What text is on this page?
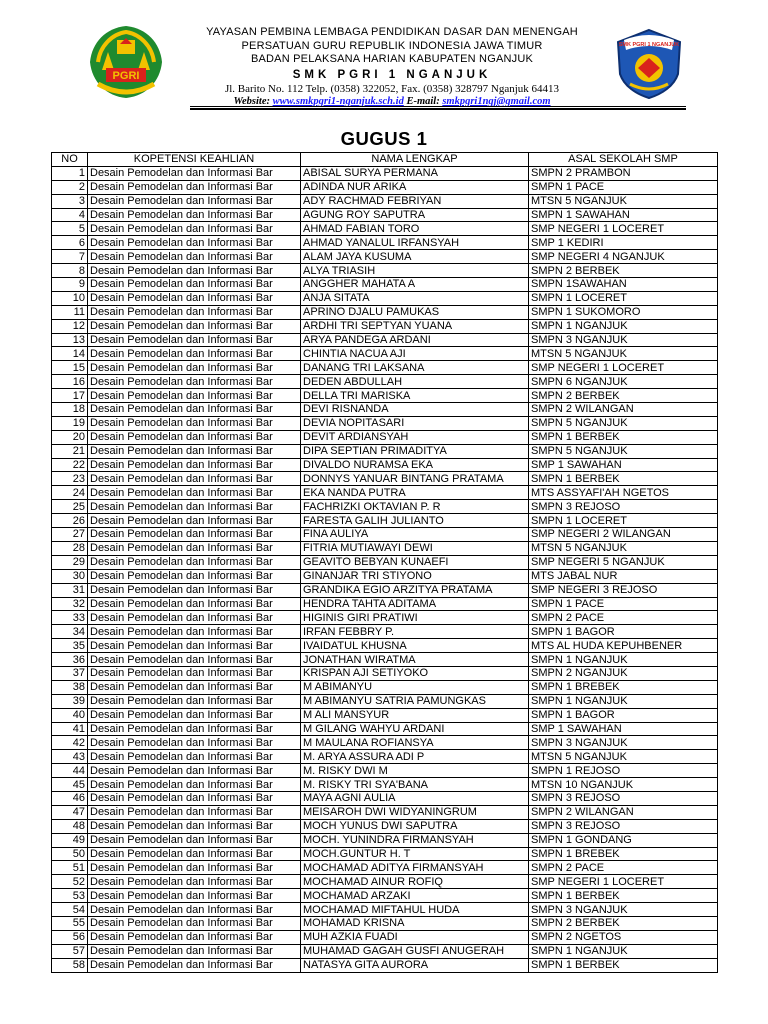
PGRI
YAYASAN PEMBINA LEMBAGA PENDIDIKAN DASAR DAN MENENGAH
PERSATUAN GURU REPUBLIK INDONESIA JAWA TIMUR
BADAN PELAKSANA HARIAN KABUPATEN NGANJUK
SMK PGRI 1 NGANJUK
Jl. Barito No. 112 Telp. (0358) 322052, Fax. (0358) 328797 Nganjuk 64413
Website: www.smkpgri1-nganjuk.sch.id E-mail: smkpgri1ngj@gmail.com
SMK PGRI 1 NGANJUK
GUGUS 1
NO	KOPETENSI KEAHLIAN	NAMA LENGKAP	ASAL SEKOLAH SMP
1	Desain Pemodelan dan Informasi Bar	ABISAL SURYA PERMANA	SMPN 2 PRAMBON
2	Desain Pemodelan dan Informasi Bar	ADINDA NUR ARIKA	SMPN 1 PACE
3	Desain Pemodelan dan Informasi Bar	ADY RACHMAD FEBRIYAN	MTSN 5 NGANJUK
4	Desain Pemodelan dan Informasi Bar	AGUNG ROY SAPUTRA	SMPN 1 SAWAHAN
5	Desain Pemodelan dan Informasi Bar	AHMAD FABIAN TORO	SMP NEGERI 1 LOCERET
6	Desain Pemodelan dan Informasi Bar	AHMAD YANALUL IRFANSYAH	SMP 1 KEDIRI
7	Desain Pemodelan dan Informasi Bar	ALAM JAYA KUSUMA	SMP NEGERI 4 NGANJUK
8	Desain Pemodelan dan Informasi Bar	ALYA TRIASIH	SMPN 2 BERBEK
9	Desain Pemodelan dan Informasi Bar	ANGGHER MAHATA A	SMPN 1SAWAHAN
10	Desain Pemodelan dan Informasi Bar	ANJA SITATA	SMPN 1 LOCERET
11	Desain Pemodelan dan Informasi Bar	APRINO DJALU PAMUKAS	SMPN 1 SUKOMORO
12	Desain Pemodelan dan Informasi Bar	ARDHI TRI SEPTYAN YUANA	SMPN 1 NGANJUK
13	Desain Pemodelan dan Informasi Bar	ARYA PANDEGA ARDANI	SMPN 3 NGANJUK
14	Desain Pemodelan dan Informasi Bar	CHINTIA NACUA AJI	MTSN 5 NGANJUK
15	Desain Pemodelan dan Informasi Bar	DANANG TRI LAKSANA	SMP NEGERI 1 LOCERET
16	Desain Pemodelan dan Informasi Bar	DEDEN ABDULLAH	SMPN 6 NGANJUK
17	Desain Pemodelan dan Informasi Bar	DELLA TRI MARISKA	SMPN 2 BERBEK
18	Desain Pemodelan dan Informasi Bar	DEVI RISNANDA	SMPN 2 WILANGAN
19	Desain Pemodelan dan Informasi Bar	DEVIA NOPITASARI	SMPN 5 NGANJUK
20	Desain Pemodelan dan Informasi Bar	DEVIT ARDIANSYAH	SMPN 1 BERBEK
21	Desain Pemodelan dan Informasi Bar	DIPA SEPTIAN PRIMADITYA	SMPN 5 NGANJUK
22	Desain Pemodelan dan Informasi Bar	DIVALDO NURAMSA EKA	SMP 1 SAWAHAN
23	Desain Pemodelan dan Informasi Bar	DONNYS YANUAR BINTANG PRATAMA	SMPN 1 BERBEK
24	Desain Pemodelan dan Informasi Bar	EKA NANDA PUTRA	MTS ASSYAFI'AH NGETOS
25	Desain Pemodelan dan Informasi Bar	FACHRIZKI OKTAVIAN P. R	SMPN 3 REJOSO
26	Desain Pemodelan dan Informasi Bar	FARESTA GALIH JULIANTO	SMPN 1 LOCERET
27	Desain Pemodelan dan Informasi Bar	FINA AULIYA	SMP NEGERI 2 WILANGAN
28	Desain Pemodelan dan Informasi Bar	FITRIA MUTIAWAYI DEWI	MTSN 5 NGANJUK
29	Desain Pemodelan dan Informasi Bar	GEAVITO BEBYAN KUNAEFI	SMP NEGERI 5 NGANJUK
30	Desain Pemodelan dan Informasi Bar	GINANJAR TRI STIYONO	MTS JABAL NUR
31	Desain Pemodelan dan Informasi Bar	GRANDIKA EGIO ARZITYA PRATAMA	SMP NEGERI 3 REJOSO
32	Desain Pemodelan dan Informasi Bar	HENDRA TAHTA ADITAMA	SMPN 1 PACE
33	Desain Pemodelan dan Informasi Bar	HIGINIS GIRI PRATIWI	SMPN 2 PACE
34	Desain Pemodelan dan Informasi Bar	IRFAN FEBBRY P.	SMPN 1 BAGOR
35	Desain Pemodelan dan Informasi Bar	IVAIDATUL KHUSNA	MTS AL HUDA KEPUHBENER
36	Desain Pemodelan dan Informasi Bar	JONATHAN WIRATMA	SMPN 1 NGANJUK
37	Desain Pemodelan dan Informasi Bar	KRISPAN AJI SETIYOKO	SMPN 2 NGANJUK
38	Desain Pemodelan dan Informasi Bar	M ABIMANYU	SMPN 1 BREBEK
39	Desain Pemodelan dan Informasi Bar	M ABIMANYU SATRIA PAMUNGKAS	SMPN 1 NGANJUK
40	Desain Pemodelan dan Informasi Bar	M ALI MANSYUR	SMPN 1 BAGOR
41	Desain Pemodelan dan Informasi Bar	M GILANG WAHYU ARDANI	SMP 1 SAWAHAN
42	Desain Pemodelan dan Informasi Bar	M MAULANA ROFIANSYA	SMPN 3 NGANJUK
43	Desain Pemodelan dan Informasi Bar	M. ARYA ASSURA ADI P	MTSN 5 NGANJUK
44	Desain Pemodelan dan Informasi Bar	M. RISKY DWI M	SMPN 1 REJOSO
45	Desain Pemodelan dan Informasi Bar	M. RISKY TRI SYA'BANA	MTSN 10 NGANJUK
46	Desain Pemodelan dan Informasi Bar	MAYA AGNI AULIA	SMPN 3 REJOSO
47	Desain Pemodelan dan Informasi Bar	MEISAROH DWI WIDYANINGRUM	SMPN 2 WILANGAN
48	Desain Pemodelan dan Informasi Bar	MOCH YUNUS DWI SAPUTRA	SMPN 3 REJOSO
49	Desain Pemodelan dan Informasi Bar	MOCH. YUNINDRA FIRMANSYAH	SMPN 1 GONDANG
50	Desain Pemodelan dan Informasi Bar	MOCH.GUNTUR H. T	SMPN 1 BREBEK
51	Desain Pemodelan dan Informasi Bar	MOCHAMAD ADITYA FIRMANSYAH	SMPN 2 PACE
52	Desain Pemodelan dan Informasi Bar	MOCHAMAD AINUR ROFIQ	SMP NEGERI 1 LOCERET
53	Desain Pemodelan dan Informasi Bar	MOCHAMAD ARZAKI	SMPN 1 BERBEK
54	Desain Pemodelan dan Informasi Bar	MOCHAMAD MIFTAHUL HUDA	SMPN 3 NGANJUK
55	Desain Pemodelan dan Informasi Bar	MOHAMAD KRISNA	SMPN 2 BERBEK
56	Desain Pemodelan dan Informasi Bar	MUH AZKIA FUADI	SMPN 2 NGETOS
57	Desain Pemodelan dan Informasi Bar	MUHAMAD GAGAH GUSFI ANUGERAH	SMPN 1 NGANJUK
58	Desain Pemodelan dan Informasi Bar	NATASYA GITA AURORA	SMPN 1 BERBEK
